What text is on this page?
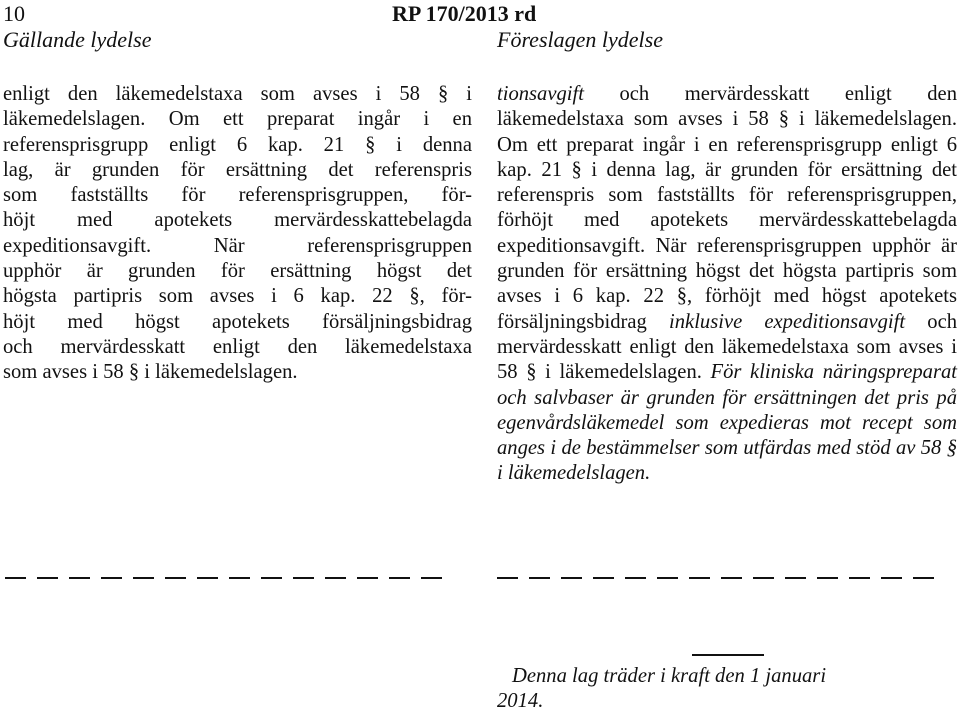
10	RP 170/2013 rd
Gällande lydelse	Föreslagen lydelse

enligt den läkemedelstaxa som avses i 58 § i
läkemedelslagen. Om ett preparat ingår i en
referensprisgrupp enligt 6 kap. 21 § i denna
lag, är grunden för ersättning det referenspris
som fastställts för referensprisgruppen, för-
höjt med apotekets mervärdesskattebelagda
expeditionsavgift. När referensprisgruppen
upphör är grunden för ersättning högst det
högsta partipris som avses i 6 kap. 22 §, för-
höjt med högst apotekets försäljningsbidrag
och mervärdesskatt enligt den läkemedelstaxa
som avses i 58 § i läkemedelslagen.

tionsavgift och mervärdesskatt enligt den läkemedelstaxa som avses i 58 § i läkemedelslagen. Om ett preparat ingår i en referensprisgrupp enligt 6 kap. 21 § i denna lag, är grunden för ersättning det referenspris som fastställts för referensprisgruppen, förhöjt med apotekets mervärdesskattebelagda expeditionsavgift. När referensprisgruppen upphör är grunden för ersättning högst det högsta partipris som avses i 6 kap. 22 §, förhöjt med högst apotekets försäljningsbidrag inklusive expeditionsavgift och mervärdesskatt enligt den läkemedelstaxa som avses i 58 § i läkemedelslagen. För kliniska näringspreparat och salvbaser är grunden för ersättningen det pris på egenvårdsläkemedel som expedieras mot recept som anges i de bestämmelser som utfärdas med stöd av 58 § i läkemedelslagen.

Denna lag träder i kraft den 1 januari
2014.
